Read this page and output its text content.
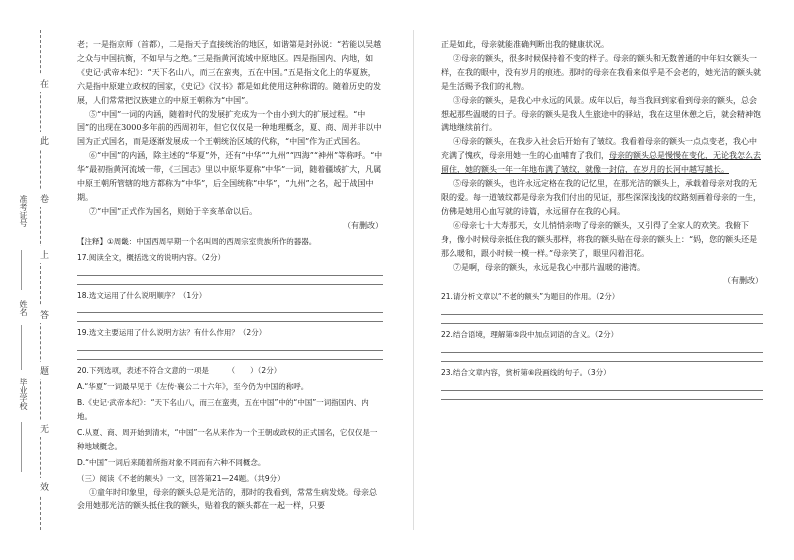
在
此
卷
上
答
题
无
效
准考证号
姓名
毕业学校

老；一是指京师（首都），二是指天子直接统治的地区，如谐第是封孙说：“若能以吴越之众与中国抗衡，不如早与之绝。”三是指黄河流域中原地区。四是指国内、内地，如《史记·武帝本纪》：“天下名山八，而三在蛮夷，五在中国。”五是指文化上的华夏族，六是指中原建立政权的国家，《史记》《汉书》都是如此使用这种称谓的。随着历史的发展，人们常常把汉族建立的中原王朝称为“中国”。

⑤“中国”一词的内涵，随着时代的发展扩充成为一个由小到大的扩展过程。“中国”的出现在3000多年前的西周初年，但它仅仅是一种地理概念，夏、商、周并非以中国为正式国名，而是逐渐发展成一个王朝统治区域的代称，“中国”作为正式国名。

⑥“中国”的内涵，除主述的“华夏”外，还有“中华”“九州”“四海”“神州”等称呼。“中华”最初指黄河流域一带，《三国志》里以中原华夏称“中华”一词，随着疆域扩大，凡属中原王朝所管辖的地方都称为“中华”，后全国统称“中华”，“九州”之名，起于战国中期。

⑦“中国”正式作为国名，则始于辛亥革命以后。

（有删改）

【注释】①周畿：中国西周早期一个名叫周的西周宗室贵族所作的器器。

17.阅读全文，概括选文的说明内容。（2分）

18.选文运用了什么说明顺序？（1分）

19.选文主要运用了什么说明方法？有什么作用？（2分）

20.下列选项，表述不符合文意的一项是　　　（　　）（2分）

A.“华夏”一词最早见于《左传·襄公二十六年》，至今仍为中国的称呼。

B.《史记·武帝本纪》：“天下名山八，而三在蛮夷，五在中国”中的“中国”一词指国内、内地。

C.从夏、商、周开始到清末，“中国”一名从来作为一个王朝或政权的正式国名，它仅仅是一种地域概念。

D.“中国”一词后来随着所指对象不同而有六种不同概念。

（三）阅读《不老的额头》一文，回答第21—24题。（共9分）

①童年时印象里，母亲的额头总是光洁的，那时的我看到，常常生病发烧。母亲总会用她那光洁的额头抵住我的额头，贴着我的额头都在一起一样，只要

正是如此，母亲就能准确判断出我的健康状况。

②母亲的额头，很多时候保持着不变的样子。母亲的额头和无数普通的中年妇女额头一样，在我的眼中，没有岁月的痕迹。那时的母亲在我看来似乎是不会老的，她光洁的额头就是生活赐予我们的礼物。

③母亲的额头，是我心中永远的风景。成年以后，每当我回到家看到母亲的额头，总会想起那些温暖的日子。母亲的额头是我人生旅途中的驿站，我在这里休憩之后，就会精神饱满地继续前行。

④母亲的额头，在我步入社会后开始有了皱纹。我看着母亲的额头一点点变老，我心中充满了愧疚，母亲用她一生的心血哺育了我们，母亲的额头总是慢慢在变化，无论我怎么去留住，她的额头一年一年地布满了皱纹，就像一封信，在岁月的长河中越写越长。

⑤母亲的额头，也许永远定格在我的记忆里，在那光洁的额头上，承载着母亲对我的无限的爱。每一道皱纹都是母亲为我们付出的见证，那些深深浅浅的纹路刻画着母亲的一生，仿佛是她用心血写就的诗篇，永远留存在我的心间。

⑥母亲七十大寿那天，女儿悄悄亲吻了母亲的额头，又引得了全家人的欢笑。我俯下身，像小时候母亲抵住我的额头那样，将我的额头贴在母亲的额头上：“妈，您的额头还是那么暖和，跟小时候一模一样。”母亲笑了，眼里闪着泪花。

⑦是啊，母亲的额头，永远是我心中那片温暖的港湾。

（有删改）

21.请分析文章以“不老的额头”为题目的作用。（2分）

22.结合语境，理解第⑤段中加点词语的含义。（2分）

23.结合文章内容，赏析第⑥段画线的句子。（3分）
